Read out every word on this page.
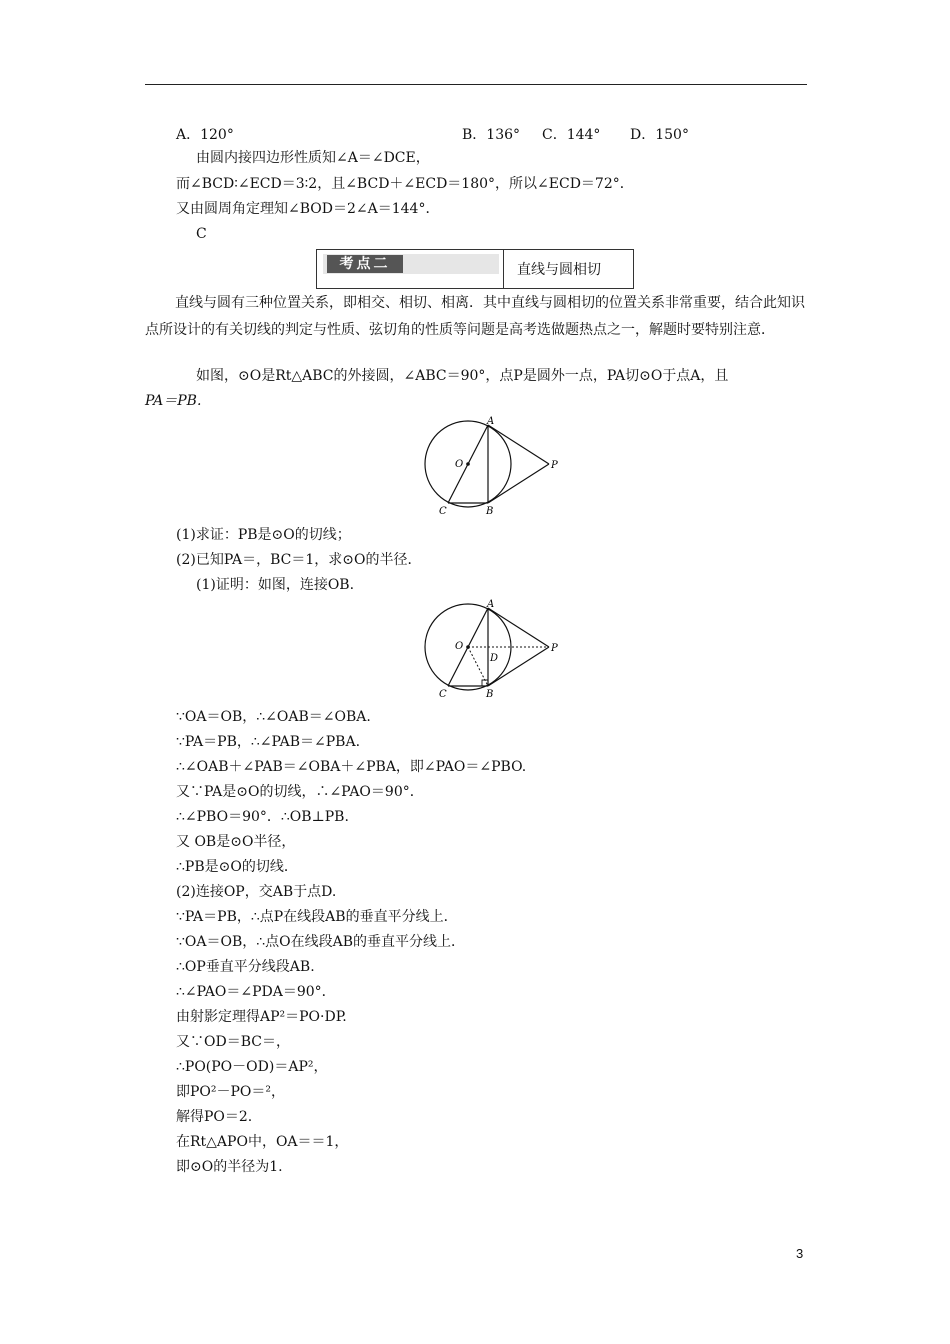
A．120°	B．136° C．144° D．150°
由圆内接四边形性质知∠A＝∠DCE，
而∠BCD∶∠ECD＝3∶2，且∠BCD＋∠ECD＝180°，所以∠ECD＝72°．
又由圆周角定理知∠BOD＝2∠A＝144°．
C
考点二	直线与圆相切
直线与圆有三种位置关系，即相交、相切、相离．其中直线与圆相切的位置关系非常重要，结合此知识点所设计的有关切线的判定与性质、弦切角的性质等问题是高考选做题热点之一，解题时要特别注意．
如图，⊙O是Rt△ABC的外接圆，∠ABC＝90°，点P是圆外一点，PA切⊙O于点A，且
PA＝PB.
A
O	P
C	B
(1)求证：PB是⊙O的切线；
(2)已知PA＝，BC＝1，求⊙O的半径．
(1)证明：如图，连接OB.
A
O
D
P
C	B
∵OA＝OB，∴∠OAB＝∠OBA.
∵PA＝PB，∴∠PAB＝∠PBA.
∴∠OAB＋∠PAB＝∠OBA＋∠PBA，即∠PAO＝∠PBO.
又∵PA是⊙O的切线，∴∠PAO＝90°．
∴∠PBO＝90°．∴OB⊥PB.
又 OB是⊙O半径，
∴PB是⊙O的切线．
(2)连接OP，交AB于点D.
∵PA＝PB，∴点P在线段AB的垂直平分线上．
∵OA＝OB，∴点O在线段AB的垂直平分线上．
∴OP垂直平分线段AB.
∴∠PAO＝∠PDA＝90°．
由射影定理得AP²＝PO·DP.
又∵OD＝BC＝，
∴PO(PO－OD)＝AP²，
即PO²－PO＝²，
解得PO＝2.
在Rt△APO中，OA＝＝1，
即⊙O的半径为1.
3
